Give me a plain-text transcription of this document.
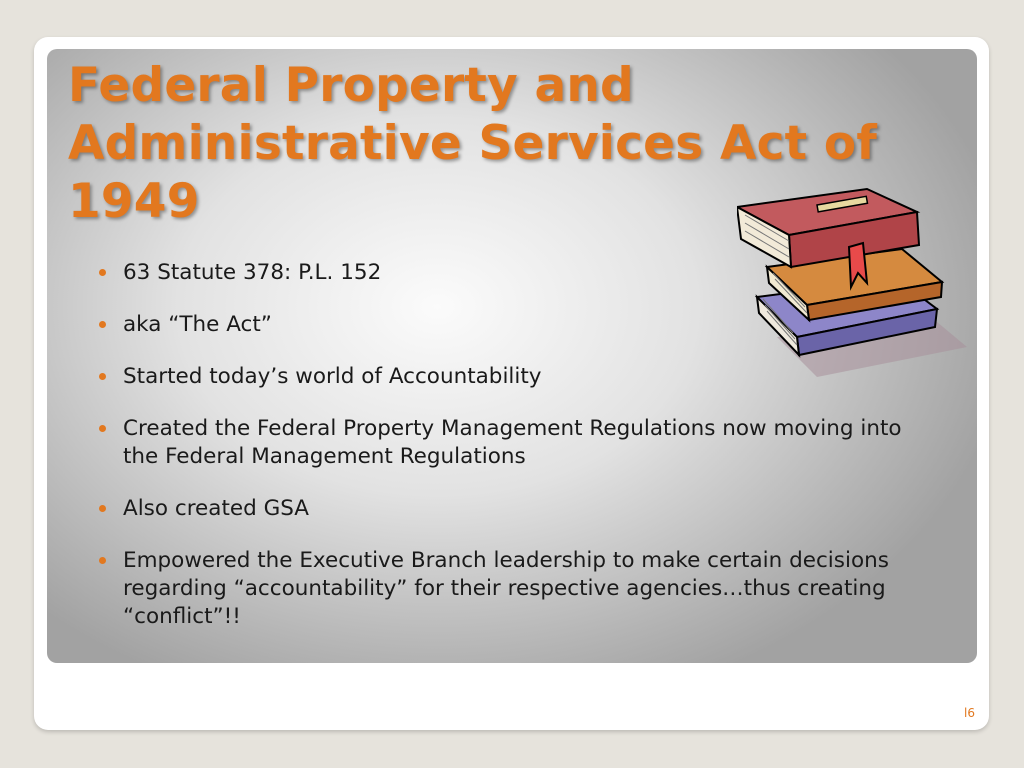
Federal Property and Administrative Services Act of 1949
63 Statute 378: P.L. 152
aka “The Act”
Started today’s world of Accountability
Created the Federal Property Management Regulations now moving into the Federal Management Regulations
Also created GSA
Empowered the Executive Branch leadership to make certain decisions regarding “accountability” for their respective agencies…thus creating “conflict”!!
l6
